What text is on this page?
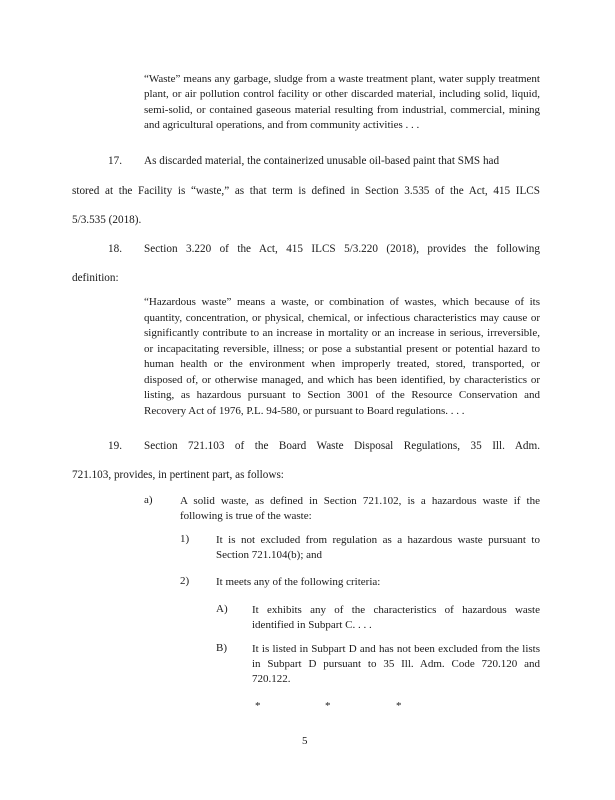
“Waste” means any garbage, sludge from a waste treatment plant, water supply treatment plant, or air pollution control facility or other discarded material, including solid, liquid, semi-solid, or contained gaseous material resulting from industrial, commercial, mining and agricultural operations, and from community activities . . .
17. As discarded material, the containerized unusable oil-based paint that SMS had
stored at the Facility is “waste,” as that term is defined in Section 3.535 of the Act, 415 ILCS
5/3.535 (2018).
18. Section 3.220 of the Act, 415 ILCS 5/3.220 (2018), provides the following
definition:
“Hazardous waste” means a waste, or combination of wastes, which because of its quantity, concentration, or physical, chemical, or infectious characteristics may cause or significantly contribute to an increase in mortality or an increase in serious, irreversible, or incapacitating reversible, illness; or pose a substantial present or potential hazard to human health or the environment when improperly treated, stored, transported, or disposed of, or otherwise managed, and which has been identified, by characteristics or listing, as hazardous pursuant to Section 3001 of the Resource Conservation and Recovery Act of 1976, P.L. 94-580, or pursuant to Board regulations. . . .
19. Section 721.103 of the Board Waste Disposal Regulations, 35 Ill. Adm.
721.103, provides, in pertinent part, as follows:
a) A solid waste, as defined in Section 721.102, is a hazardous waste if the following is true of the waste:
1) It is not excluded from regulation as a hazardous waste pursuant to Section 721.104(b); and
2) It meets any of the following criteria:
A) It exhibits any of the characteristics of hazardous waste identified in Subpart C. . . .
B) It is listed in Subpart D and has not been excluded from the lists in Subpart D pursuant to 35 Ill. Adm. Code 720.120 and 720.122.
*	*	*
5
